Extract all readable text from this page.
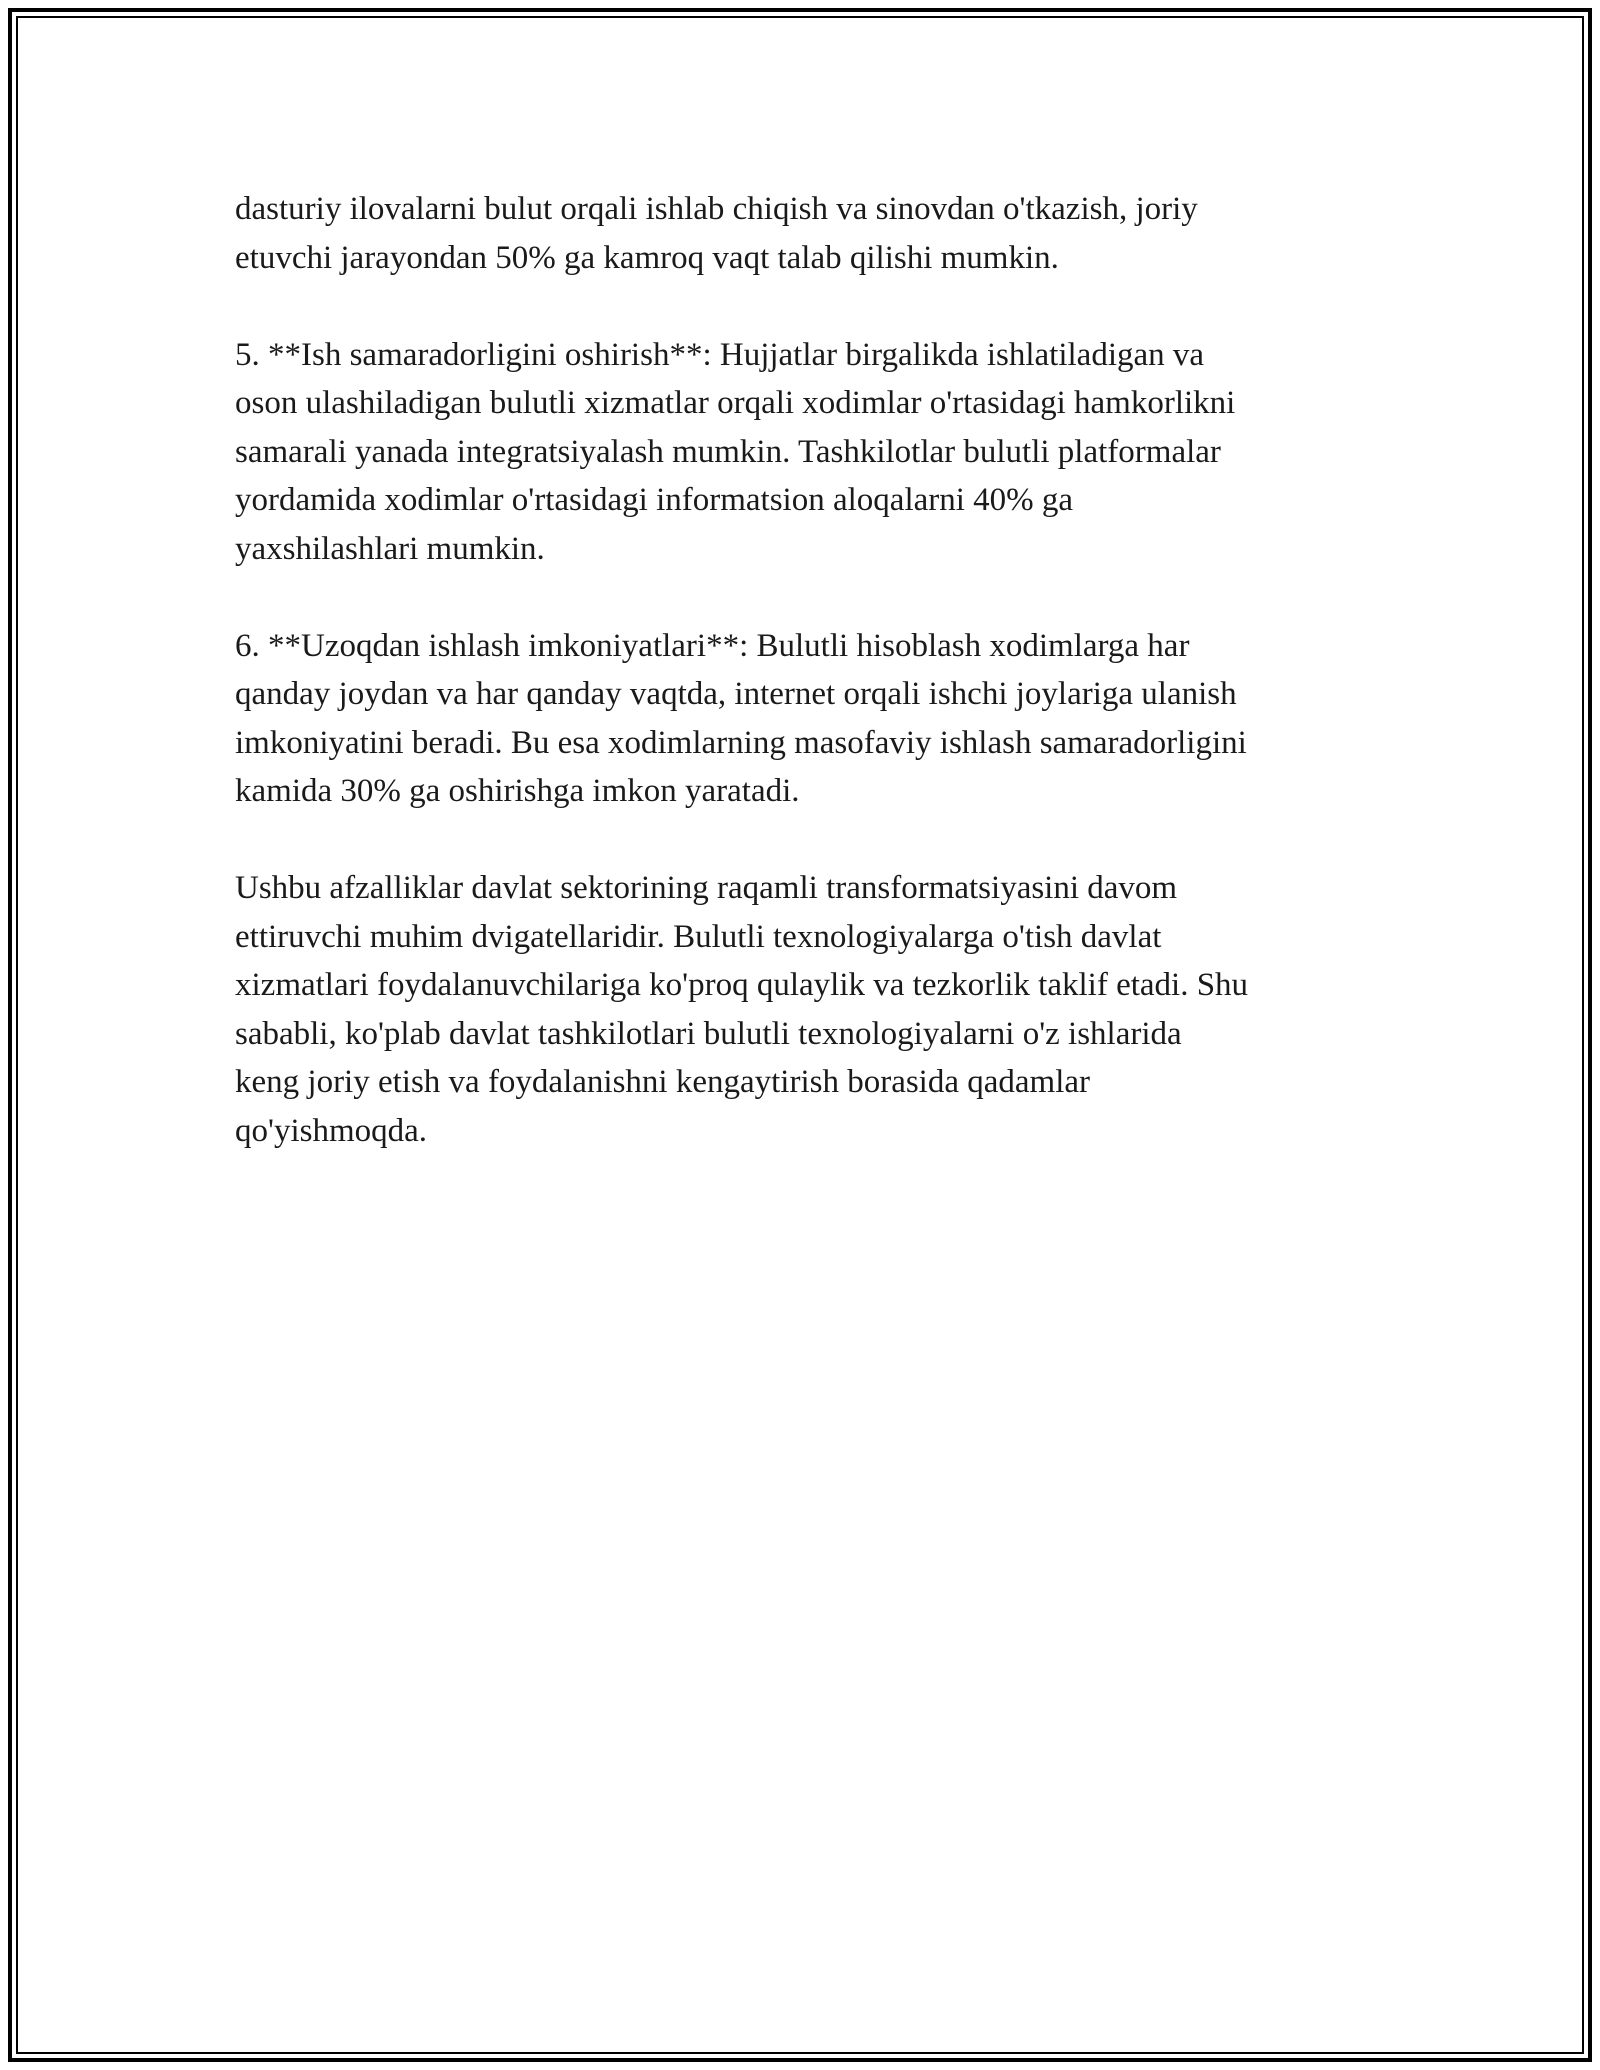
dasturiy ilovalarni bulut orqali ishlab chiqish va sinovdan o'tkazish, joriy
etuvchi jarayondan 50% ga kamroq vaqt talab qilishi mumkin.

5. **Ish samaradorligini oshirish**: Hujjatlar birgalikda ishlatiladigan va
oson ulashiladigan bulutli xizmatlar orqali xodimlar o'rtasidagi hamkorlikni
samarali yanada integratsiyalash mumkin. Tashkilotlar bulutli platformalar
yordamida xodimlar o'rtasidagi informatsion aloqalarni 40% ga
yaxshilashlari mumkin.

6. **Uzoqdan ishlash imkoniyatlari**: Bulutli hisoblash xodimlarga har
qanday joydan va har qanday vaqtda, internet orqali ishchi joylariga ulanish
imkoniyatini beradi. Bu esa xodimlarning masofaviy ishlash samaradorligini
kamida 30% ga oshirishga imkon yaratadi.

Ushbu afzalliklar davlat sektorining raqamli transformatsiyasini davom
ettiruvchi muhim dvigatellaridir. Bulutli texnologiyalarga o'tish davlat
xizmatlari foydalanuvchilariga ko'proq qulaylik va tezkorlik taklif etadi. Shu
sababli, ko'plab davlat tashkilotlari bulutli texnologiyalarni o'z ishlarida
keng joriy etish va foydalanishni kengaytirish borasida qadamlar
qo'yishmoqda.
